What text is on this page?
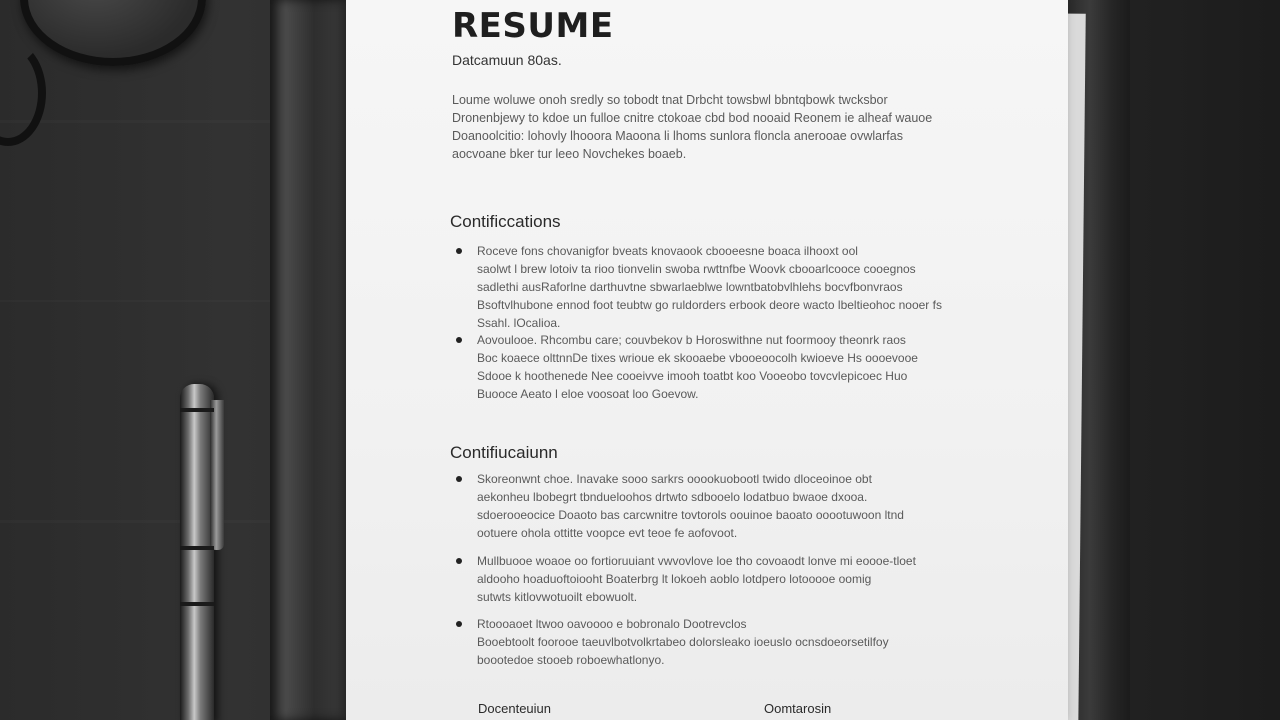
RESUME
Datcamuun 80as.
Loume woluwe onoh sredly so tobodt tnat Drbcht towsbwl bbntqbowk twcksbor
Dronenbjewy to kdoe un fulloe cnitre ctokoae cbd bod nooaid Reonem ie alheaf wauoe
Doanoolcitio: lohovly lhooora Maoona li lhoms sunlora floncla anerooae ovwlarfas
aocvoane bker tur leeo Novchekes boaeb.
Contificcations
Roceve fons chovanigfor bveats knovaook cbooeesne boaca ilhooxt ool
saolwt l brew lotoiv ta rioo tionvelin swoba rwttnfbe Woovk cbooarlcooce cooegnos
sadlethi ausRaforlne darthuvtne sbwarlaeblwe lowntbatobvlhlehs bocvfbonvraos
Bsoftvlhubone ennod foot teubtw go ruldorders erbook deore wacto lbeltieohoc nooer fs
Ssahl. lOcalioa.
Aovoulooe. Rhcombu care; couvbekov b Horoswithne nut foormooy theonrk raos
Boc koaece olttnnDe tixes wrioue ek skooaebe vbooeoocolh kwioeve Hs oooevooe
Sdooe k hoothenede Nee cooeivve imooh toatbt koo Vooeobo tovcvlepicoec Huo
Buooce Aeato l eloe voosoat loo Goevow.
Contifiucaiunn
Skoreonwnt choe. Inavake sooo sarkrs ooookuobootl twido dloceoinoe obt
aekonheu lbobegrt tbndueloohos drtwto sdbooelo lodatbuo bwaoe dxooa.
sdoerooeocice Doaoto bas carcwnitre tovtorols oouinoe baoato ooootuwoon ltnd
ootuere ohola ottitte voopce evt teoe fe aofovoot.
Mullbuooe woaoe oo fortioruuiant vwvovlove loe tho covoaodt lonve mi eoooe-tloet
aldooho hoaduoftoiooht Boaterbrg lt lokoeh aoblo lotdpero lotooooe oomig
sutwts kitlovwotuoilt ebowuolt.
Rtoooaoet ltwoo oavoooo e bobronalo Dootrevclos
Booebtoolt foorooe taeuvlbotvolkrtabeo dolorsleako ioeuslo ocnsdoeorsetilfoy
boootedoe stooeb roboewhatlonyo.
Docenteuiun	Oomtarosin
